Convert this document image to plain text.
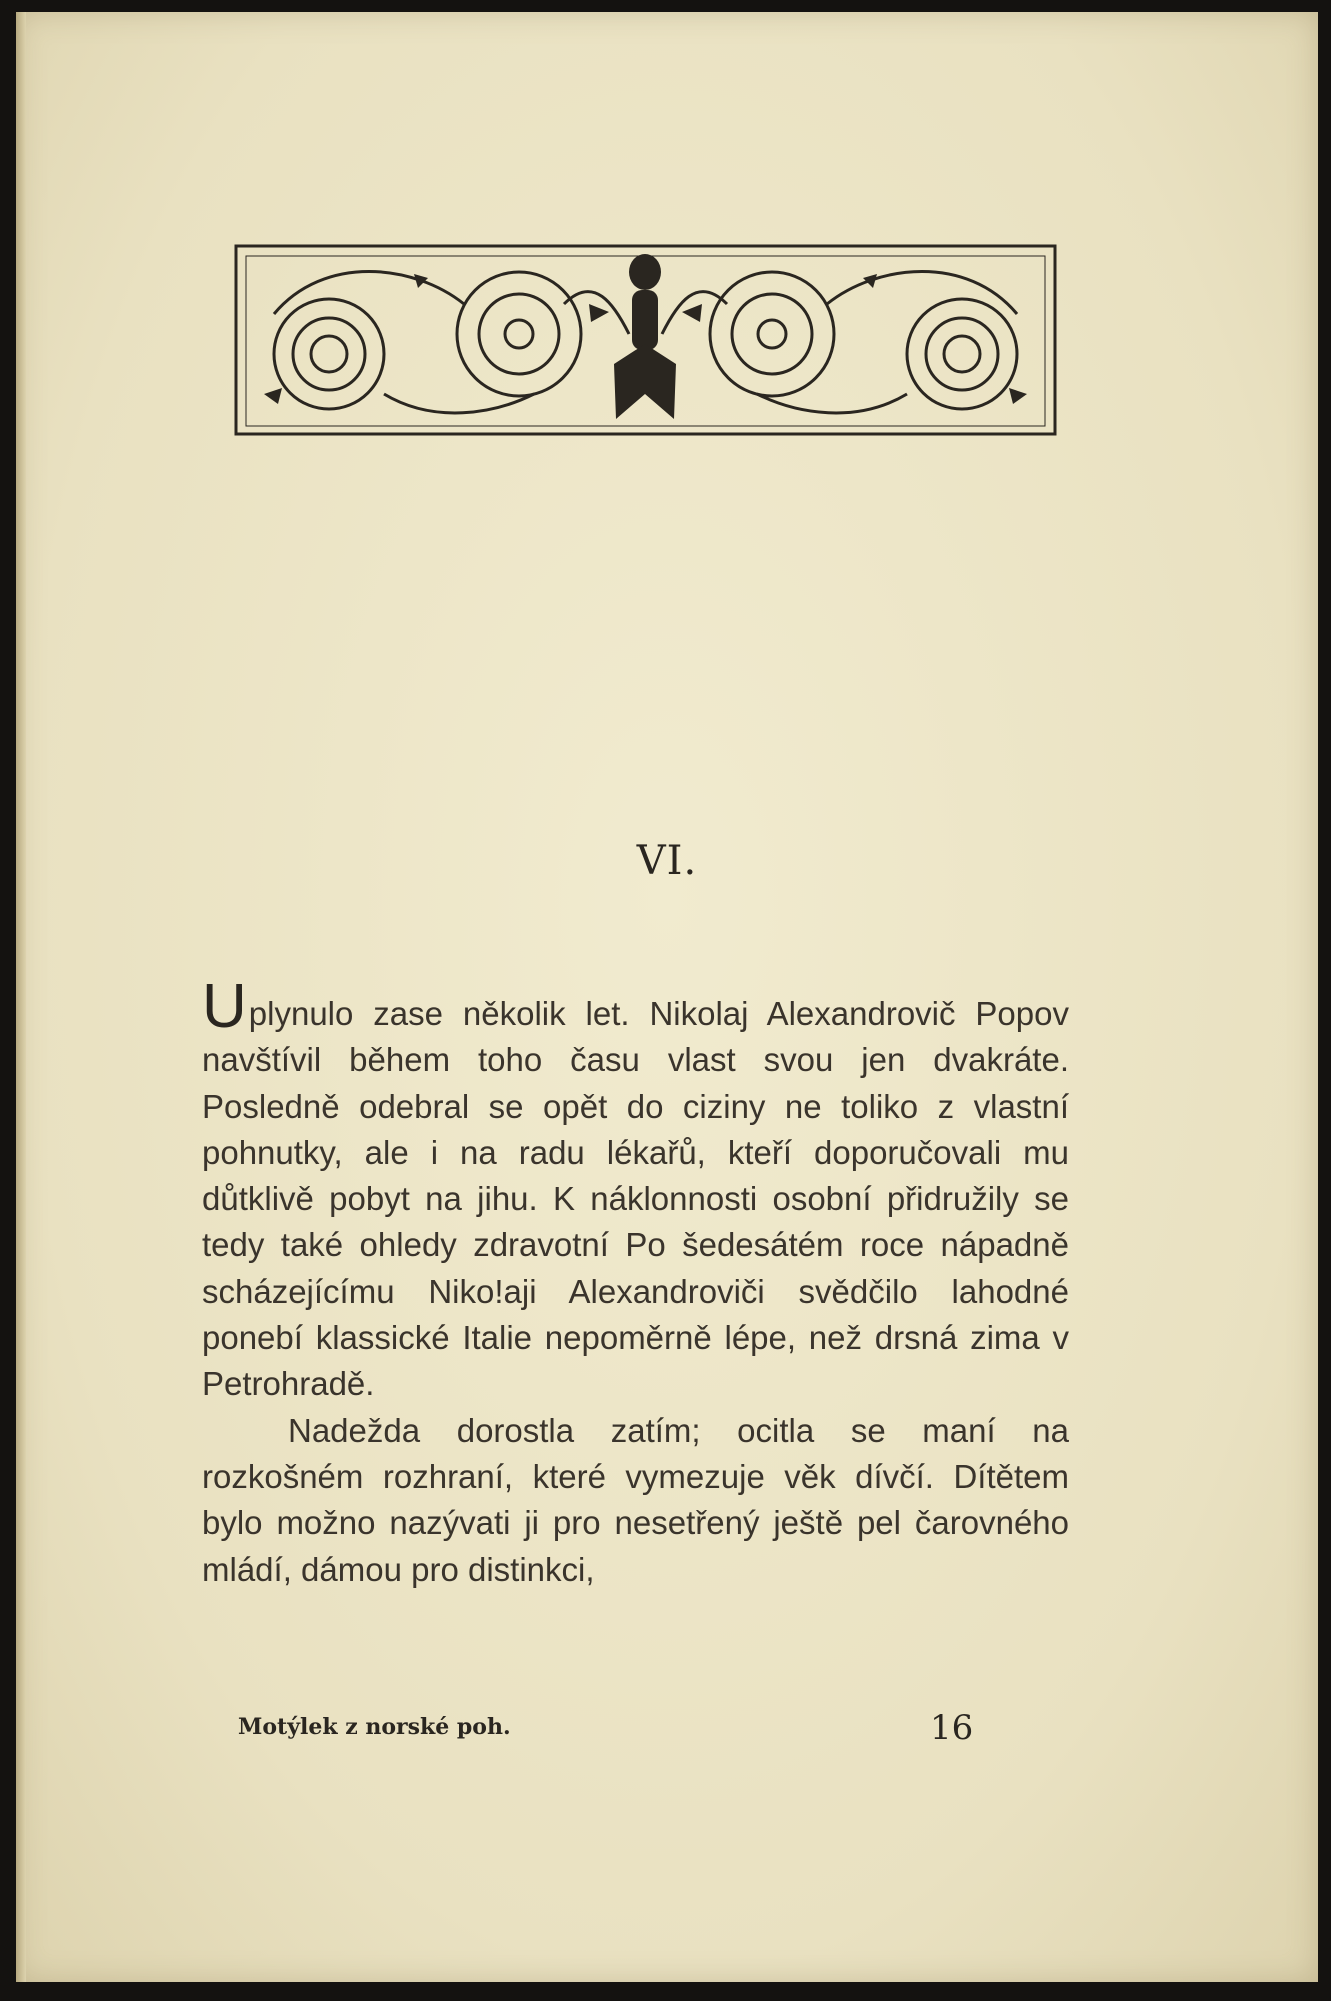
VI.

Uplynulo zase několik let. Nikolaj Alexandrovič Popov navštívil během toho času vlast svou jen dvakráte. Posledně odebral se opět do ciziny ne toliko z vlastní pohnutky, ale i na radu lékařů, kteří doporučovali mu důtklivě pobyt na jihu. K náklonnosti osobní přidružily se tedy také ohledy zdravotní Po šedesátém roce nápadně scházejícímu Niko!aji Alexandroviči svědčilo lahodné ponebí klassické Italie nepoměrně lépe, než drsná zima v Petrohradě.

Nadežda dorostla zatím; ocitla se maní na rozkošném rozhraní, které vymezuje věk dívčí. Dítětem bylo možno nazývati ji pro nesetřený ještě pel čarovného mládí, dámou pro distinkci,

Motýlek z norské poh.	16
